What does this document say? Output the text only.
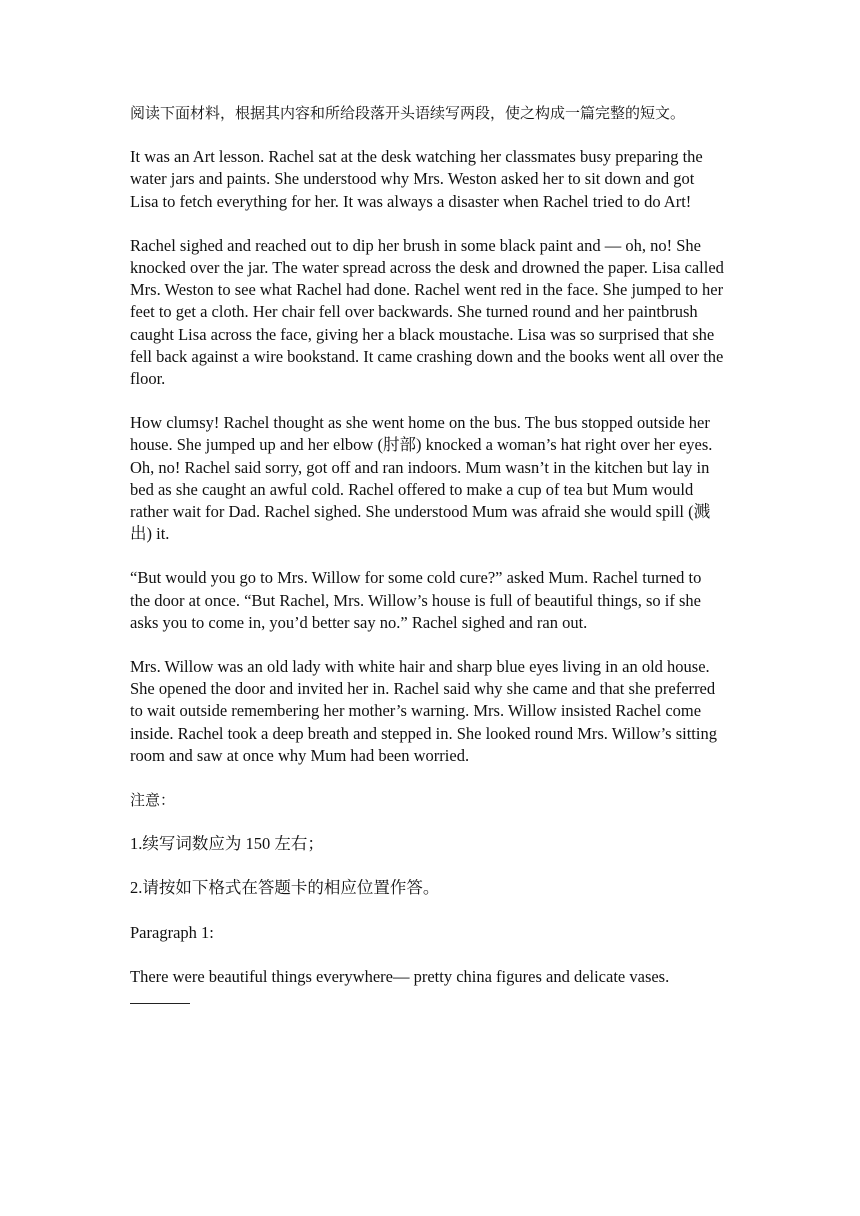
阅读下面材料，根据其内容和所给段落开头语续写两段，使之构成一篇完整的短文。

It was an Art lesson. Rachel sat at the desk watching her classmates busy preparing the water jars and paints. She understood why Mrs. Weston asked her to sit down and got Lisa to fetch everything for her. It was always a disaster when Rachel tried to do Art!

Rachel sighed and reached out to dip her brush in some black paint and — oh, no! She knocked over the jar. The water spread across the desk and drowned the paper. Lisa called Mrs. Weston to see what Rachel had done. Rachel went red in the face. She jumped to her feet to get a cloth. Her chair fell over backwards. She turned round and her paintbrush caught Lisa across the face, giving her a black moustache. Lisa was so surprised that she fell back against a wire bookstand. It came crashing down and the books went all over the floor.

How clumsy! Rachel thought as she went home on the bus. The bus stopped outside her house. She jumped up and her elbow (肘部) knocked a woman’s hat right over her eyes. Oh, no! Rachel said sorry, got off and ran indoors. Mum wasn’t in the kitchen but lay in bed as she caught an awful cold. Rachel offered to make a cup of tea but Mum would rather wait for Dad. Rachel sighed. She understood Mum was afraid she would spill (溅出) it.

“But would you go to Mrs. Willow for some cold cure?” asked Mum. Rachel turned to the door at once. “But Rachel, Mrs. Willow’s house is full of beautiful things, so if she asks you to come in, you’d better say no.” Rachel sighed and ran out.

Mrs. Willow was an old lady with white hair and sharp blue eyes living in an old house. She opened the door and invited her in. Rachel said why she came and that she preferred to wait outside remembering her mother’s warning. Mrs. Willow insisted Rachel come inside. Rachel took a deep breath and stepped in. She looked round Mrs. Willow’s sitting room and saw at once why Mum had been worried.

注意：

1.续写词数应为 150 左右；

2.请按如下格式在答题卡的相应位置作答。

Paragraph 1:

There were beautiful things everywhere— pretty china figures and delicate vases.
